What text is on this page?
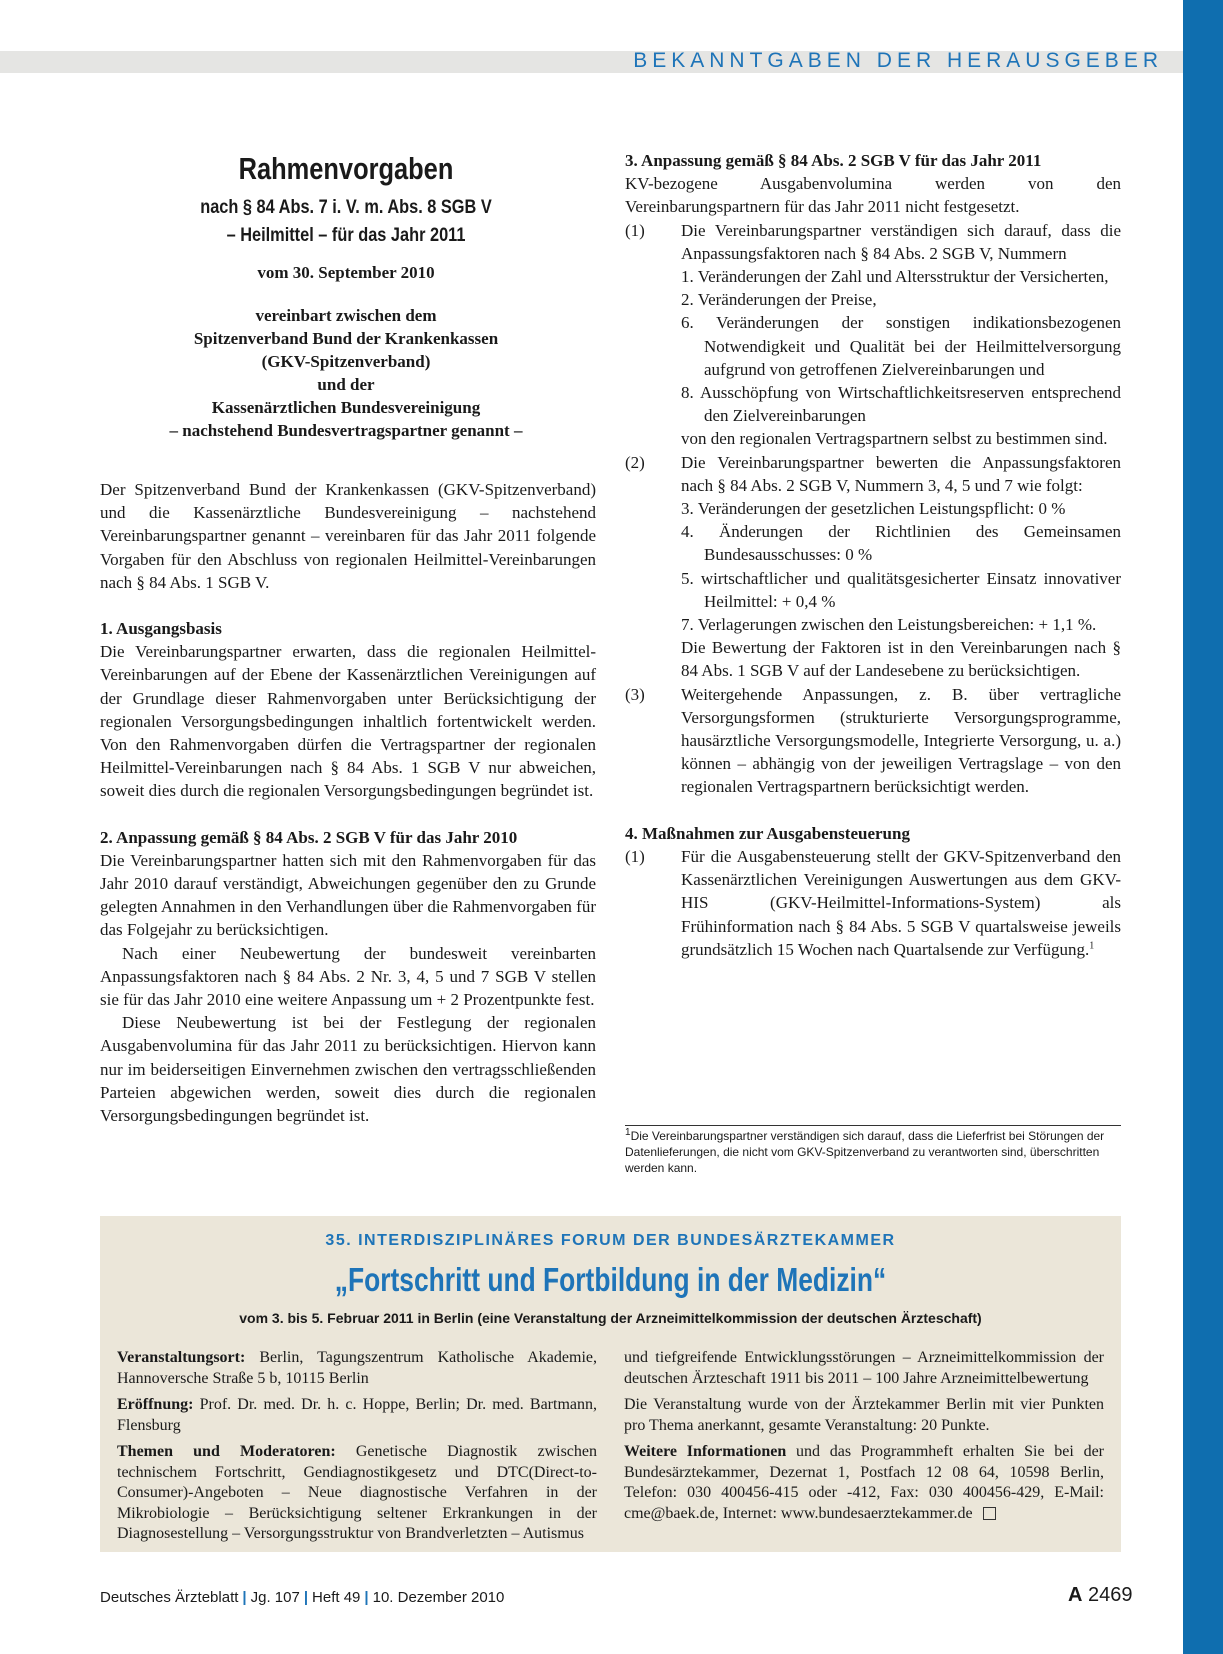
BEKANNTGABEN DER HERAUSGEBER
Rahmenvorgaben
nach § 84 Abs. 7 i. V. m. Abs. 8 SGB V
– Heilmittel – für das Jahr 2011
vom 30. September 2010
vereinbart zwischen dem
Spitzenverband Bund der Krankenkassen
(GKV-Spitzenverband)
und der
Kassenärztlichen Bundesvereinigung
– nachstehend Bundesvertragspartner genannt –

Der Spitzenverband Bund der Krankenkassen (GKV-Spitzenverband) und die Kassenärztliche Bundesvereinigung – nachstehend Vereinbarungspartner genannt – vereinbaren für das Jahr 2011 folgende Vorgaben für den Abschluss von regionalen Heilmittel-Vereinbarungen nach § 84 Abs. 1 SGB V.

1. Ausgangsbasis

Die Vereinbarungspartner erwarten, dass die regionalen Heilmittel-Vereinbarungen auf der Ebene der Kassenärztlichen Vereinigungen auf der Grundlage dieser Rahmenvorgaben unter Berücksichtigung der regionalen Versorgungsbedingungen inhaltlich fortentwickelt werden. Von den Rahmenvorgaben dürfen die Vertragspartner der regionalen Heilmittel-Vereinbarungen nach § 84 Abs. 1 SGB V nur abweichen, soweit dies durch die regionalen Versorgungsbedingungen begründet ist.

2. Anpassung gemäß § 84 Abs. 2 SGB V für das Jahr 2010

Die Vereinbarungspartner hatten sich mit den Rahmenvorgaben für das Jahr 2010 darauf verständigt, Abweichungen gegenüber den zu Grunde gelegten Annahmen in den Verhandlungen über die Rahmenvorgaben für das Folgejahr zu berücksichtigen.

Nach einer Neubewertung der bundesweit vereinbarten Anpassungsfaktoren nach § 84 Abs. 2 Nr. 3, 4, 5 und 7 SGB V stellen sie für das Jahr 2010 eine weitere Anpassung um + 2 Prozentpunkte fest.

Diese Neubewertung ist bei der Festlegung der regionalen Ausgabenvolumina für das Jahr 2011 zu berücksichtigen. Hiervon kann nur im beiderseitigen Einvernehmen zwischen den vertragsschließenden Parteien abgewichen werden, soweit dies durch die regionalen Versorgungsbedingungen begründet ist.

3. Anpassung gemäß § 84 Abs. 2 SGB V für das Jahr 2011

KV-bezogene Ausgabenvolumina werden von den Vereinbarungspartnern für das Jahr 2011 nicht festgesetzt.

(1)	Die Vereinbarungspartner verständigen sich darauf, dass die Anpassungsfaktoren nach § 84 Abs. 2 SGB V, Nummern

1. Veränderungen der Zahl und Altersstruktur der Versicherten,

2. Veränderungen der Preise,

6. Veränderungen der sonstigen indikationsbezogenen Notwendigkeit und Qualität bei der Heilmittelversorgung aufgrund von getroffenen Zielvereinbarungen und

8. Ausschöpfung von Wirtschaftlichkeitsreserven entsprechend den Zielvereinbarungen

von den regionalen Vertragspartnern selbst zu bestimmen sind.

(2)	Die Vereinbarungspartner bewerten die Anpassungsfaktoren nach § 84 Abs. 2 SGB V, Nummern 3, 4, 5 und 7 wie folgt:

3. Veränderungen der gesetzlichen Leistungspflicht: 0 %

4. Änderungen der Richtlinien des Gemeinsamen Bundesausschusses: 0 %

5. wirtschaftlicher und qualitätsgesicherter Einsatz innovativer Heilmittel: + 0,4 %

7. Verlagerungen zwischen den Leistungsbereichen: + 1,1 %.

Die Bewertung der Faktoren ist in den Vereinbarungen nach § 84 Abs. 1 SGB V auf der Landesebene zu berücksichtigen.

(3)	Weitergehende Anpassungen, z. B. über vertragliche Versorgungsformen (strukturierte Versorgungsprogramme, hausärztliche Versorgungsmodelle, Integrierte Versorgung, u. a.) können – abhängig von der jeweiligen Vertragslage – von den regionalen Vertragspartnern berücksichtigt werden.

4. Maßnahmen zur Ausgabensteuerung

(1)	Für die Ausgabensteuerung stellt der GKV-Spitzenverband den Kassenärztlichen Vereinigungen Auswertungen aus dem GKV-HIS (GKV-Heilmittel-Informations-System) als Frühinformation nach § 84 Abs. 5 SGB V quartalsweise jeweils grundsätzlich 15 Wochen nach Quartalsende zur Verfügung.$^1$

$^1$Die Vereinbarungspartner verständigen sich darauf, dass die Lieferfrist bei Störungen der Datenlieferungen, die nicht vom GKV-Spitzenverband zu verantworten sind, überschritten werden kann.
35. INTERDISZIPLINÄRES FORUM DER BUNDESÄRZTEKAMMER
„Fortschritt und Fortbildung in der Medizin“
vom 3. bis 5. Februar 2011 in Berlin (eine Veranstaltung der Arzneimittelkommission der deutschen Ärzteschaft)

Veranstaltungsort: Berlin, Tagungszentrum Katholische Akademie, Hannoversche Straße 5 b, 10115 Berlin

Eröffnung: Prof. Dr. med. Dr. h. c. Hoppe, Berlin; Dr. med. Bartmann, Flensburg

Themen und Moderatoren: Genetische Diagnostik zwischen technischem Fortschritt, Gendiagnostikgesetz und DTC(Direct-to-Consumer)-Angeboten – Neue diagnostische Verfahren in der Mikrobiologie – Berücksichtigung seltener Erkrankungen in der Diagnosestellung – Versorgungsstruktur von Brandverletzten – Autismus

und tiefgreifende Entwicklungsstörungen – Arzneimittelkommission der deutschen Ärzteschaft 1911 bis 2011 – 100 Jahre Arzneimittelbewertung

Die Veranstaltung wurde von der Ärztekammer Berlin mit vier Punkten pro Thema anerkannt, gesamte Veranstaltung: 20 Punkte.

Weitere Informationen und das Programmheft erhalten Sie bei der Bundesärztekammer, Dezernat 1, Postfach 12 08 64, 10598 Berlin, Telefon: 030 400456-415 oder -412, Fax: 030 400456-429, E-Mail: cme@baek.de, Internet: www.bundesaerztekammer.de

Deutsches Ärzteblatt | Jg. 107 | Heft 49 | 10. Dezember 2010	A 2469
